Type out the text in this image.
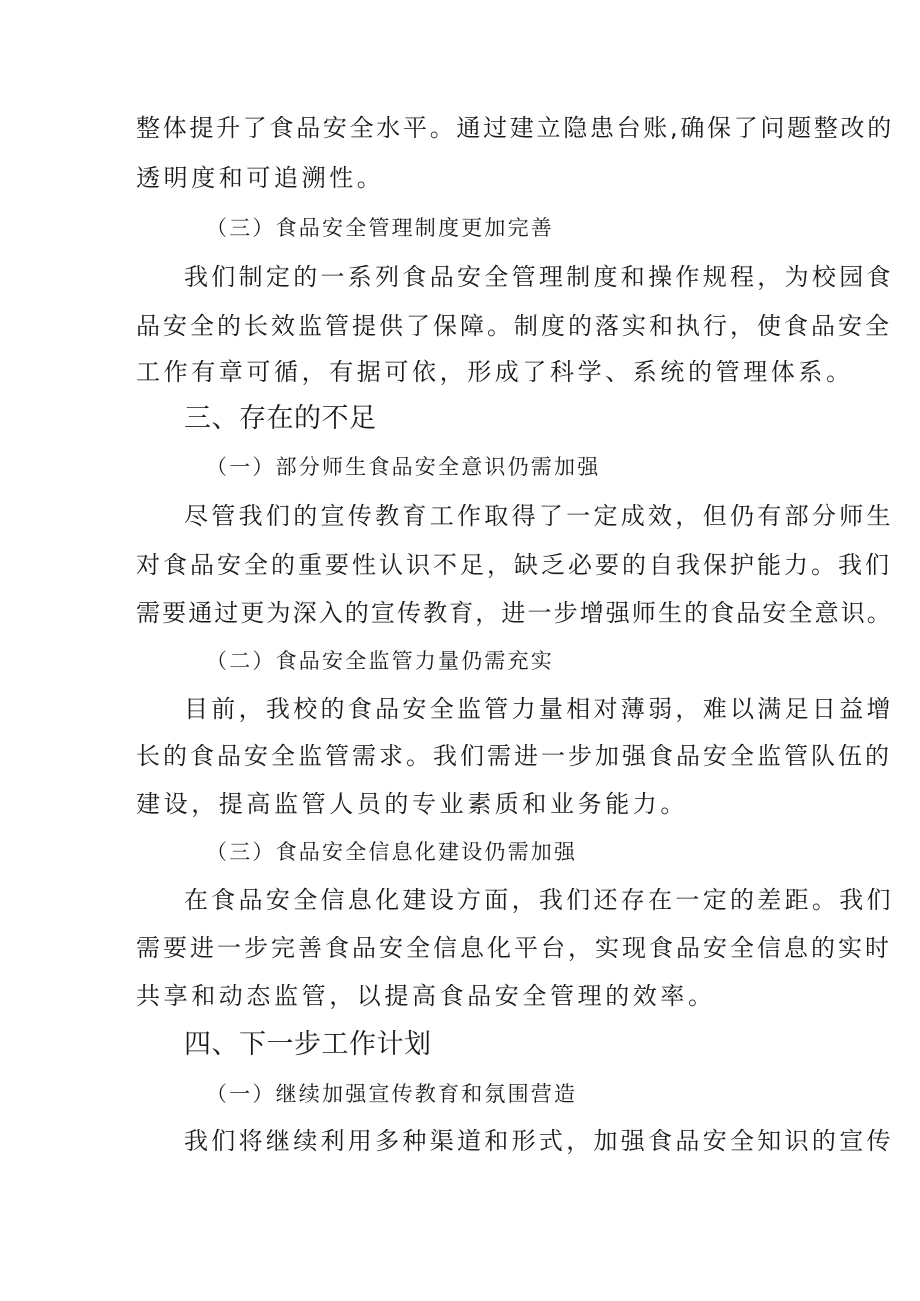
整体提升了食品安全水平。通过建立隐患台账,确保了问题整改的
透明度和可追溯性。
（三）食品安全管理制度更加完善
我们制定的一系列食品安全管理制度和操作规程，为校园食
品安全的长效监管提供了保障。制度的落实和执行，使食品安全
工作有章可循，有据可依，形成了科学、系统的管理体系。
三、存在的不足
（一）部分师生食品安全意识仍需加强
尽管我们的宣传教育工作取得了一定成效，但仍有部分师生
对食品安全的重要性认识不足，缺乏必要的自我保护能力。我们
需要通过更为深入的宣传教育，进一步增强师生的食品安全意识。
（二）食品安全监管力量仍需充实
目前，我校的食品安全监管力量相对薄弱，难以满足日益增
长的食品安全监管需求。我们需进一步加强食品安全监管队伍的
建设，提高监管人员的专业素质和业务能力。
（三）食品安全信息化建设仍需加强
在食品安全信息化建设方面，我们还存在一定的差距。我们
需要进一步完善食品安全信息化平台，实现食品安全信息的实时
共享和动态监管，以提高食品安全管理的效率。
四、下一步工作计划
（一）继续加强宣传教育和氛围营造
我们将继续利用多种渠道和形式，加强食品安全知识的宣传
